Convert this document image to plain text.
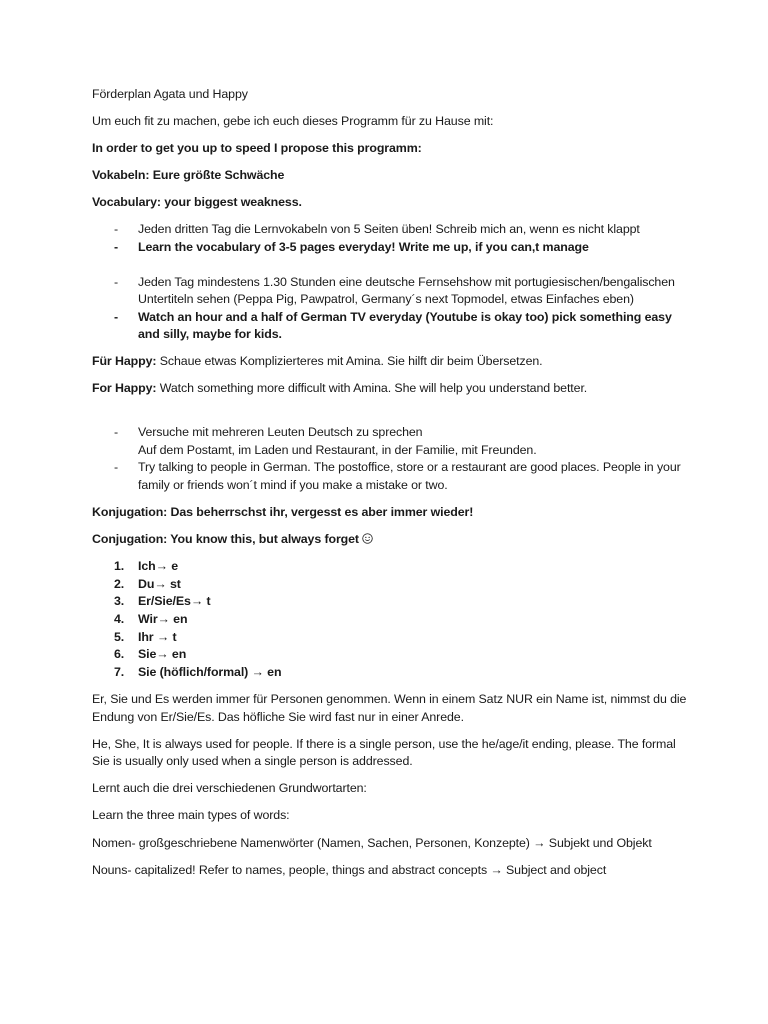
Förderplan Agata und Happy

Um euch fit zu machen, gebe ich euch dieses Programm für zu Hause mit:

In order to get you up to speed I propose this programm:

Vokabeln: Eure größte Schwäche

Vocabulary: your biggest weakness.

- Jeden dritten Tag die Lernvokabeln von 5 Seiten üben! Schreib mich an, wenn es nicht klappt
- Learn the vocabulary of 3-5 pages everyday! Write me up, if you can,t manage
- Jeden Tag mindestens 1.30 Stunden eine deutsche Fernsehshow mit portugiesischen/bengalischen Untertiteln sehen (Peppa Pig, Pawpatrol, Germany´s next Topmodel, etwas Einfaches eben)
- Watch an hour and a half of German TV everyday (Youtube is okay too) pick something easy and silly, maybe for kids.

Für Happy: Schaue etwas Komplizierteres mit Amina. Sie hilft dir beim Übersetzen.

For Happy: Watch something more difficult with Amina. She will help you understand better.

- Versuche mit mehreren Leuten Deutsch zu sprechen
Auf dem Postamt, im Laden und Restaurant, in der Familie, mit Freunden.
- Try talking to people in German. The postoffice, store or a restaurant are good places. People in your family or friends won´t mind if you make a mistake or two.

Konjugation: Das beherrschst ihr, vergesst es aber immer wieder!

Conjugation: You know this, but always forget

1. Ich→ e
2. Du→ st
3. Er/Sie/Es→ t
4. Wir→ en
5. Ihr → t
6. Sie→ en
7. Sie (höflich/formal) → en

Er, Sie und Es werden immer für Personen genommen. Wenn in einem Satz NUR ein Name ist, nimmst du die Endung von Er/Sie/Es. Das höfliche Sie wird fast nur in einer Anrede.

He, She, It is always used for people. If there is a single person, use the he/age/it ending, please. The formal Sie is usually only used when a single person is addressed.

Lernt auch die drei verschiedenen Grundwortarten:

Learn the three main types of words:

Nomen- großgeschriebene Namenwörter (Namen, Sachen, Personen, Konzepte) → Subjekt und Objekt

Nouns- capitalized! Refer to names, people, things and abstract concepts → Subject and object
